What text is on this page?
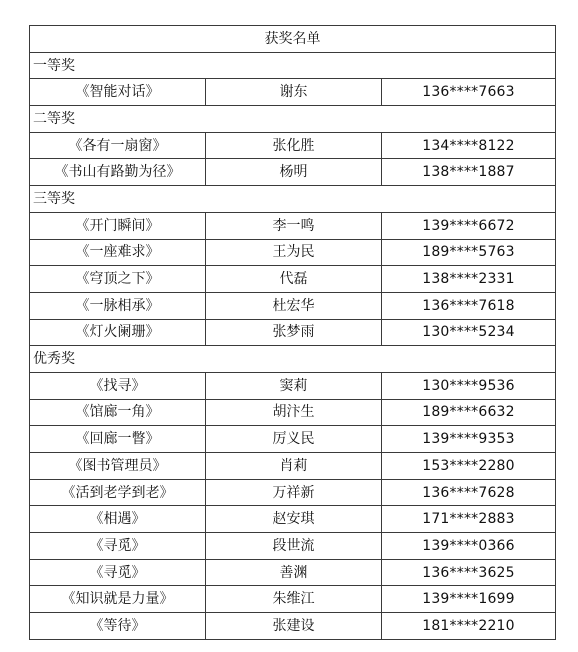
获奖名单		
一等奖		
《智能对话》	谢东	136****7663
二等奖		
《各有一扇窗》	张化胜	134****8122
《书山有路勤为径》	杨明	138****1887
三等奖		
《开门瞬间》	李一鸣	139****6672
《一座难求》	王为民	189****5763
《穹顶之下》	代磊	138****2331
《一脉相承》	杜宏华	136****7618
《灯火阑珊》	张梦雨	130****5234
优秀奖		
《找寻》	窦莉	130****9536
《馆廊一角》	胡汴生	189****6632
《回廊一瞥》	厉义民	139****9353
《图书管理员》	肖莉	153****2280
《活到老学到老》	万祥新	136****7628
《相遇》	赵安琪	171****2883
《寻觅》	段世流	139****0366
《寻觅》	善渊	136****3625
《知识就是力量》	朱维江	139****1699
《等待》	张建设	181****2210
